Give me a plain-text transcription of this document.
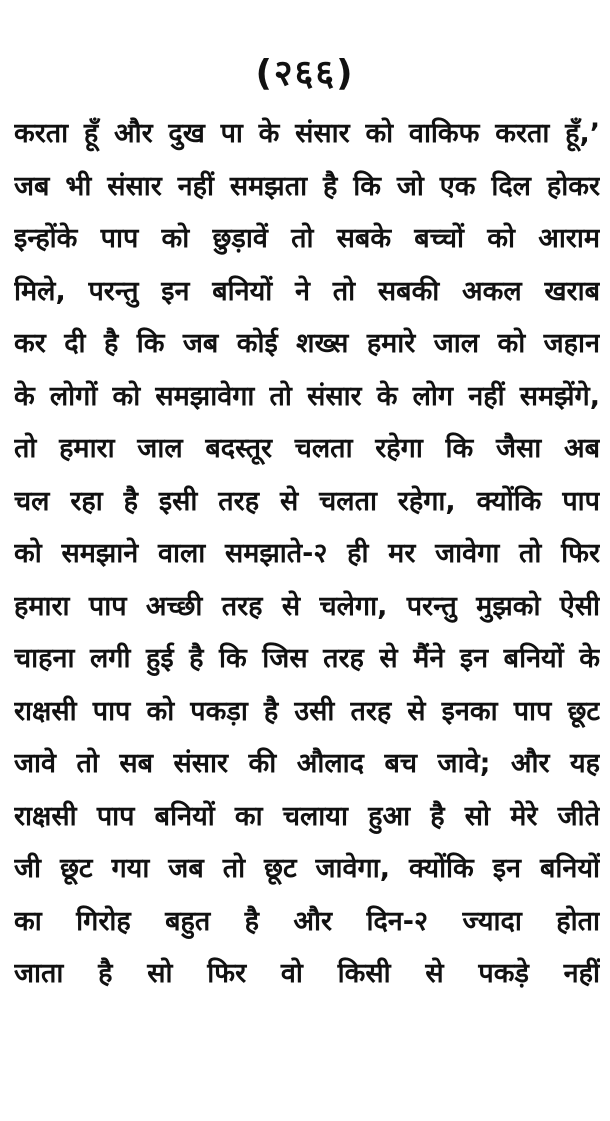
(२६६)
करता हूँ और दुख पा के संसार को वाकिफ करता हूँ,’
जब भी संसार नहीं समझता है कि जो एक दिल होकर
इन्होंके पाप को छुड़ावें तो सबके बच्चों को आराम
मिले, परन्तु इन बनियों ने तो सबकी अकल खराब
कर दी है कि जब कोई शख्स हमारे जाल को जहान
के लोगों को समझावेगा तो संसार के लोग नहीं समझेंगे,
तो हमारा जाल बदस्तूर चलता रहेगा कि जैसा अब
चल रहा है इसी तरह से चलता रहेगा, क्योंकि पाप
को समझाने वाला समझाते-२ ही मर जावेगा तो फिर
हमारा पाप अच्छी तरह से चलेगा, परन्तु मुझको ऐसी
चाहना लगी हुई है कि जिस तरह से मैंने इन बनियों के
राक्षसी पाप को पकड़ा है उसी तरह से इनका पाप छूट
जावे तो सब संसार की औलाद बच जावे; और यह
राक्षसी पाप बनियों का चलाया हुआ है सो मेरे जीते
जी छूट गया जब तो छूट जावेगा, क्योंकि इन बनियों
का गिरोह बहुत है और दिन-२ ज्यादा होता
जाता है सो फिर वो किसी से पकड़े नहीं
